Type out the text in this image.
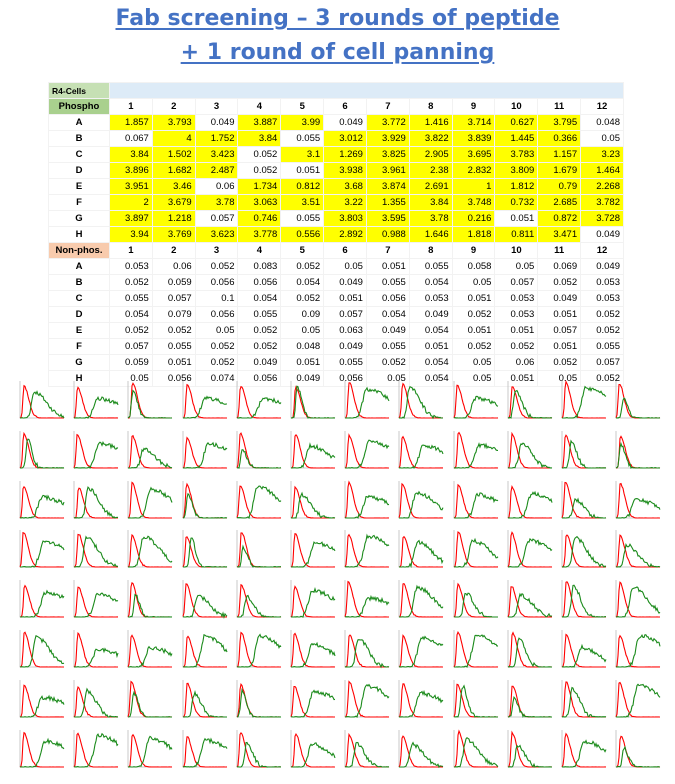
Fab screening – 3 rounds of peptide
+ 1 round of cell panning
R4-Cells												
Phospho	1	2	3	4	5	6	7	8	9	10	11	12
A	1.857	3.793	0.049	3.887	3.99	0.049	3.772	1.416	3.714	0.627	3.795	0.048
B	0.067	4	1.752	3.84	0.055	3.012	3.929	3.822	3.839	1.445	0.366	0.05
C	3.84	1.502	3.423	0.052	3.1	1.269	3.825	2.905	3.695	3.783	1.157	3.23
D	3.896	1.682	2.487	0.052	0.051	3.938	3.961	2.38	2.832	3.809	1.679	1.464
E	3.951	3.46	0.06	1.734	0.812	3.68	3.874	2.691	1	1.812	0.79	2.268
F	2	3.679	3.78	3.063	3.51	3.22	1.355	3.84	3.748	0.732	2.685	3.782
G	3.897	1.218	0.057	0.746	0.055	3.803	3.595	3.78	0.216	0.051	0.872	3.728
H	3.94	3.769	3.623	3.778	0.556	2.892	0.988	1.646	1.818	0.811	3.471	0.049
Non-phos.	1	2	3	4	5	6	7	8	9	10	11	12
A	0.053	0.06	0.052	0.083	0.052	0.05	0.051	0.055	0.058	0.05	0.069	0.049
B	0.052	0.059	0.056	0.056	0.054	0.049	0.055	0.054	0.05	0.057	0.052	0.053
C	0.055	0.057	0.1	0.054	0.052	0.051	0.056	0.053	0.051	0.053	0.049	0.053
D	0.054	0.079	0.056	0.055	0.09	0.057	0.054	0.049	0.052	0.053	0.051	0.052
E	0.052	0.052	0.05	0.052	0.05	0.063	0.049	0.054	0.051	0.051	0.057	0.052
F	0.057	0.055	0.052	0.052	0.048	0.049	0.055	0.051	0.052	0.052	0.051	0.055
G	0.059	0.051	0.052	0.049	0.051	0.055	0.052	0.054	0.05	0.06	0.052	0.057
H	0.05	0.056	0.074	0.056	0.049	0.056	0.05	0.054	0.05	0.051	0.05	0.052
